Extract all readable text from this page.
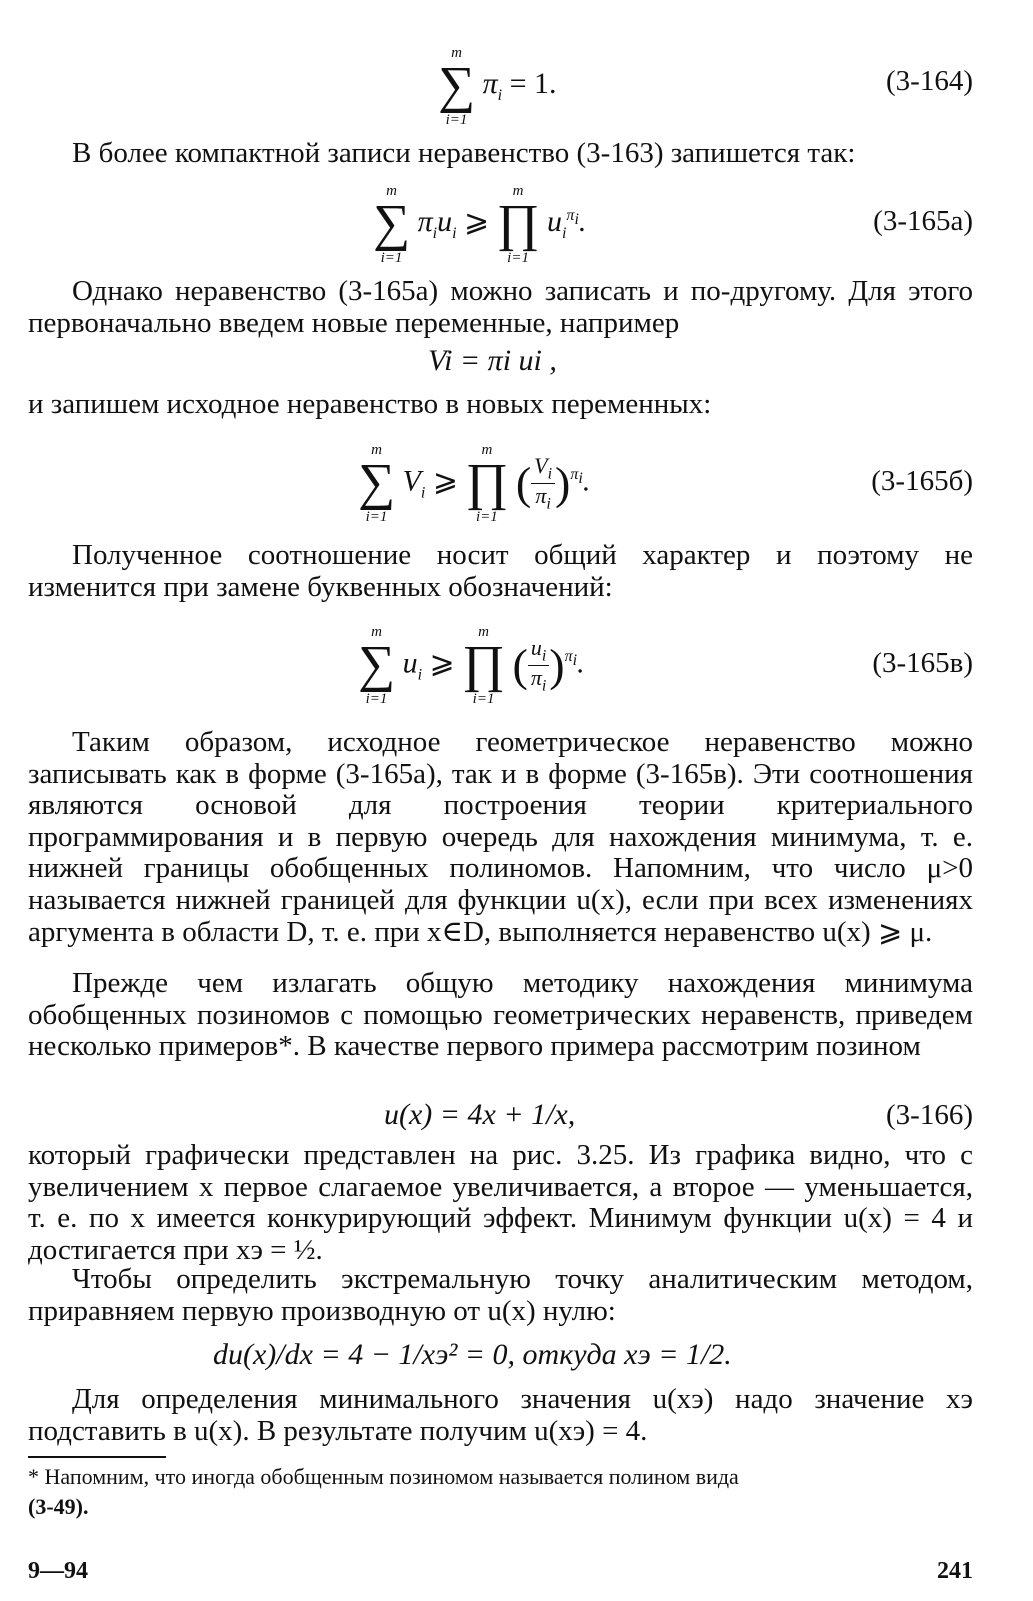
∑
m
i=1
$\pi_i = 1$.	(3-164)

В более компактной записи неравенство (3-163) запишется так:

∑
m
i=1
$\pi_iu_i$ ⩾ ∏
m
i=1
$u_i^{\pi_i}$.	(3-165а)

Однако неравенство (3-165а) можно записать и по-другому. Для этого первоначально введем новые переменные, например

Vi = πi ui ,

и запишем исходное неравенство в новых переменных:

∑
m
i=1
$V_i$ ⩾ ∏
m
i=1
( $\frac{V_i}{\pi_i} )^{\pi_i}$.	(3-165б)

Полученное соотношение носит общий характер и поэтому не изменится при замене буквенных обозначений:

∑
m
i=1
$u_i$ ⩾ ∏
m
i=1
( $\frac{u_i}{\pi_i} )^{\pi_i}$.	(3-165в)

Таким образом, исходное геометрическое неравенство можно записывать как в форме (3-165а), так и в форме (3-165в). Эти соотношения являются основой для построения теории критериального программирования и в первую очередь для нахождения минимума, т. е. нижней границы обобщенных полиномов. Напомним, что число μ>0 называется нижней границей для функции u(x), если при всех изменениях аргумента в области D, т. е. при x∈D, выполняется неравенство u(x) ⩾ μ.

Прежде чем излагать общую методику нахождения минимума обобщенных позиномов с помощью геометрических неравенств, приведем несколько примеров*. В качестве первого примера рассмотрим позином

u(x) = 4x + 1/x,	(3-166)

который графически представлен на рис. 3.25. Из графика видно, что с увеличением x первое слагаемое увеличивается, а второе — уменьшается, т. е. по x имеется конкурирующий эффект. Минимум функции u(x) = 4 и достигается при xэ = ½.

Чтобы определить экстремальную точку аналитическим методом, приравняем первую производную от u(x) нулю:

du(x)/dx = 4 − 1/xэ² = 0, откуда xэ = 1/2.

Для определения минимального значения u(xэ) надо значение xэ подставить в u(x). В результате получим u(xэ) = 4.

* Напомним, что иногда обобщенным позиномом называется полином вида
(3-49).
9—94	241
